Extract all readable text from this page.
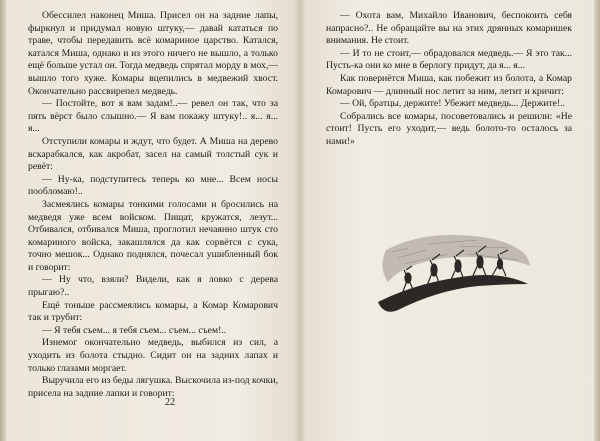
Обессилел наконец Миша. Присел он на задние лапы, фыркнул и придумал новую штуку,— давай кататься по траве, чтобы передавить всё комариное царство. Катался, катался Миша, однако и из этого ничего не вышло, а только ещё больше устал он. Тогда медведь спрятал морду в мох,— вышло того хуже. Комары вцепились в медвежий хвост. Окончательно рассвирепел медведь.

— Постойте, вот я вам задам!..— ревел он так, что за пять вёрст было слышно.— Я вам покажу штуку!.. я... я... я...

Отступили комары и ждут, что будет. А Миша на дерево вскарабкался, как акробат, засел на самый толстый сук и ревёт:

— Ну-ка, подступитесь теперь ко мне... Всем носы пообломаю!..

Засмеялись комары тонкими голосами и бросились на медведя уже всем войском. Пищат, кружатся, лезут... Отбивался, отбивался Миша, проглотил нечаянно штук сто комариного войска, закашлялся да как сорвётся с сука, точно мешок... Однако поднялся, почесал ушибленный бок и говорит:

— Ну что, взяли? Видели, как я ловко с дерева прыгаю?..

Ещё тоньше рассмеялись комары, а Комар Комарович так и трубит:

— Я тебя съем... я тебя съем... съем... съем!..

Изнемог окончательно медведь, выбился из сил, а уходить из болота стыдно. Сидит он на задних лапах и только глазами моргает.

Выручила его из беды лягушка. Выскочила из-под кочки, присела на задние лапки и говорит:

22

— Охота вам, Михайло Иванович, беспокоить себя напрасно?.. Не обращайте вы на этих дрянных комаришек внимания. Не стоит.

— И то не стоит,— обрадовался медведь.— Я это так... Пусть-ка они ко мне в берлогу придут, да я... я...

Как повернётся Миша, как побежит из болота, а Комар Комарович — длинный нос летит за ним, летит и кричит:

— Ой, братцы, держите! Убежит медведь... Держите!..

Собрались все комары, посоветовались и решили: «Не стоит! Пусть его уходит,— ведь болото-то осталось за нами!»
